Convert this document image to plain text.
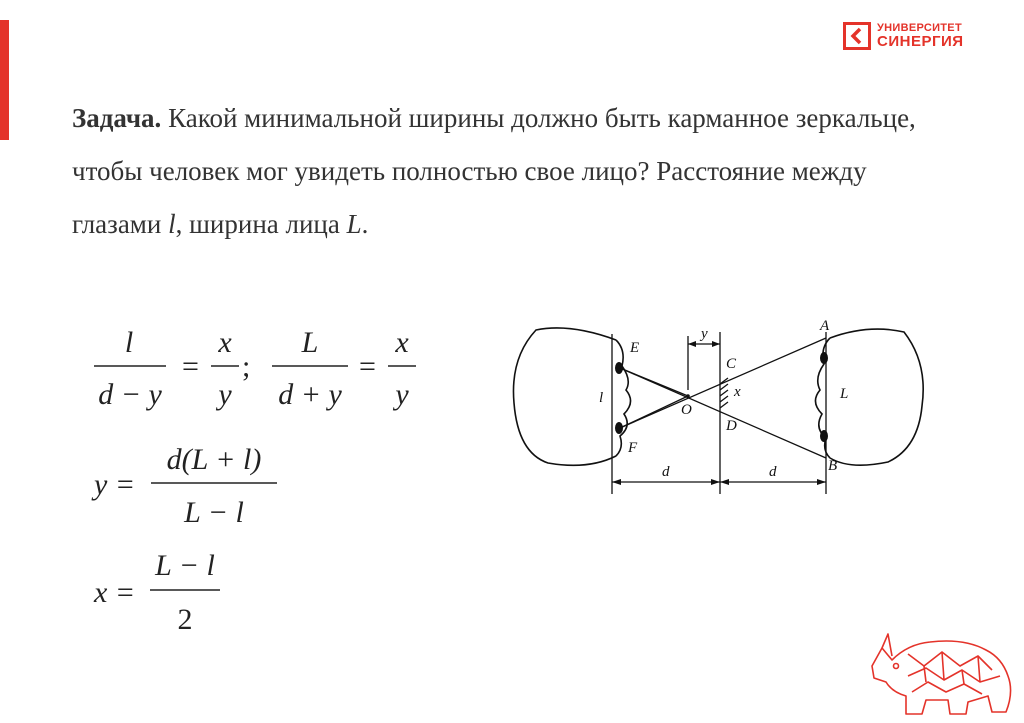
УНИВЕРСИТЕТ
СИНЕРГИЯ
Задача. Какой минимальной ширины должно быть карманное зеркальце, чтобы человек мог увидеть полностью свое лицо? Расстояние между глазами l, ширина лица L.
l
d − y
=
x
y
;
L
d + y
=
x
y
y =
d(L + l)
L − l
x =
L − l
2
E
F
l
O
y
C
x
D
A
B
L
d	d
